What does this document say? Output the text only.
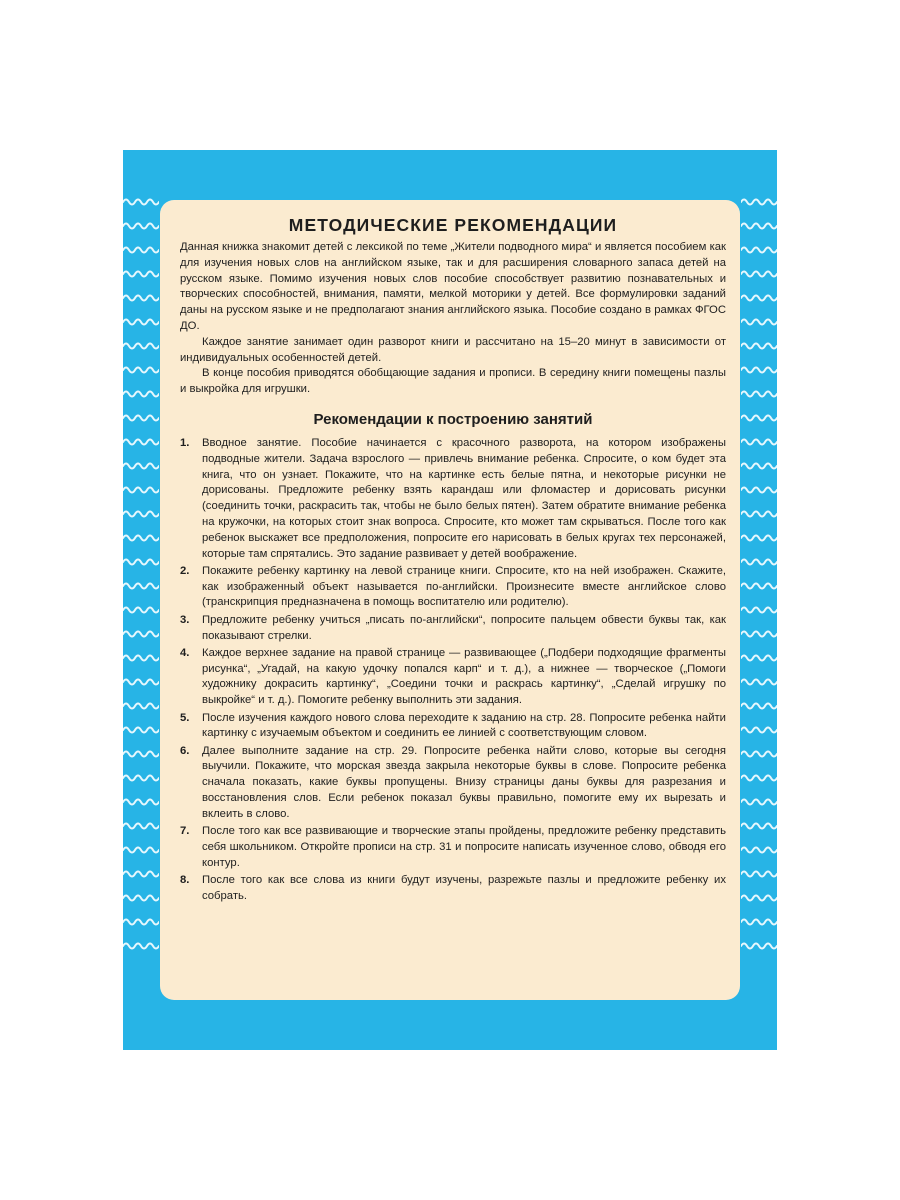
МЕТОДИЧЕСКИЕ РЕКОМЕНДАЦИИ

Данная книжка знакомит детей с лексикой по теме „Жители подводного мира“ и является пособием как для изучения новых слов на английском языке, так и для расширения словарного запаса детей на русском языке. Помимо изучения новых слов пособие способствует развитию познавательных и творческих способностей, внимания, памяти, мелкой моторики у детей. Все формулировки заданий даны на русском языке и не предполагают знания английского языка. Пособие создано в рамках ФГОС ДО.

Каждое занятие занимает один разворот книги и рассчитано на 15–20 минут в зависимости от индивидуальных особенностей детей.

В конце пособия приводятся обобщающие задания и прописи. В середину книги помещены пазлы и выкройка для игрушки.

Рекомендации к построению занятий
1.	Вводное занятие. Пособие начинается с красочного разворота, на котором изображены подводные жители. Задача взрослого — привлечь внимание ребенка. Спросите, о ком будет эта книга, что он узнает. Покажите, что на картинке есть белые пятна, и некоторые рисунки не дорисованы. Предложите ребенку взять карандаш или фломастер и дорисовать рисунки (соединить точки, раскрасить так, чтобы не было белых пятен). Затем обратите внимание ребенка на кружочки, на которых стоит знак вопроса. Спросите, кто может там скрываться. После того как ребенок выскажет все предположения, попросите его нарисовать в белых кругах тех персонажей, которые там спрятались. Это задание развивает у детей воображение.
2.	Покажите ребенку картинку на левой странице книги. Спросите, кто на ней изображен. Скажите, как изображенный объект называется по-английски. Произнесите вместе английское слово (транскрипция предназначена в помощь воспитателю или родителю).
3.	Предложите ребенку учиться „писать по-английски“, попросите пальцем обвести буквы так, как показывают стрелки.
4.	Каждое верхнее задание на правой странице — развивающее („Подбери подходящие фрагменты рисунка“, „Угадай, на какую удочку попался карп“ и т. д.), а нижнее — творческое („Помоги художнику докрасить картинку“, „Соедини точки и раскрась картинку“, „Сделай игрушку по выкройке“ и т. д.). Помогите ребенку выполнить эти задания.
5.	После изучения каждого нового слова переходите к заданию на стр. 28. Попросите ребенка найти картинку с изучаемым объектом и соединить ее линией с соответствующим словом.
6.	Далее выполните задание на стр. 29. Попросите ребенка найти слово, которые вы сегодня выучили. Покажите, что морская звезда закрыла некоторые буквы в слове. Попросите ребенка сначала показать, какие буквы пропущены. Внизу страницы даны буквы для разрезания и восстановления слов. Если ребенок показал буквы правильно, помогите ему их вырезать и вклеить в слово.
7.	После того как все развивающие и творческие этапы пройдены, предложите ребенку представить себя школьником. Откройте прописи на стр. 31 и попросите написать изученное слово, обводя его контур.
8.	После того как все слова из книги будут изучены, разрежьте пазлы и предложите ребенку их собрать.
